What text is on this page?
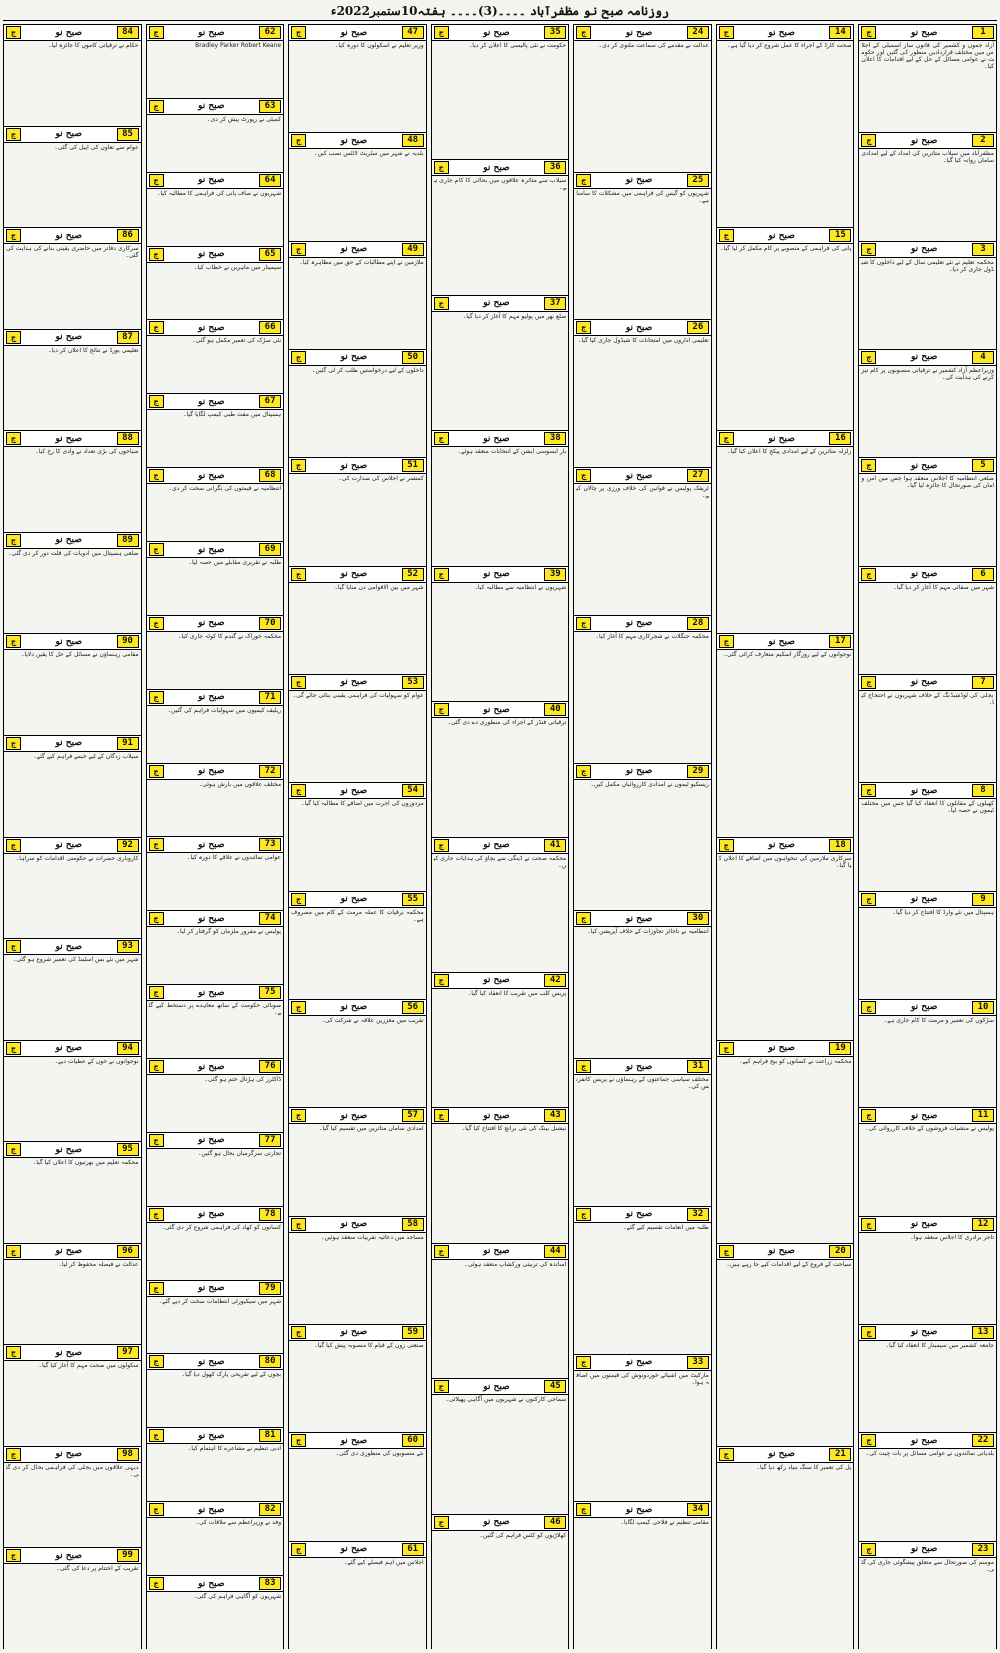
روزنامہ صبح نو مظفرآباد ۔۔۔۔(3)۔۔۔۔ ہفتہ10ستمبر2022ء
ج	صبح نو	1
آزاد جموں و کشمیر کی قانون ساز اسمبلی کے اجلاس میں مختلف قراردادیں منظور کی گئیں اور حکومت نے عوامی مسائل کے حل کے لیے اقدامات کا اعلان کیا۔
ج	صبح نو	2
مظفرآباد میں سیلاب متاثرین کی امداد کے لیے امدادی سامان روانہ کیا گیا۔
ج	صبح نو	3
محکمہ تعلیم نے نئے تعلیمی سال کے لیے داخلوں کا شیڈول جاری کر دیا۔
ج	صبح نو	4
وزیراعظم آزاد کشمیر نے ترقیاتی منصوبوں پر کام تیز کرنے کی ہدایت کی۔
ج	صبح نو	5
ضلعی انتظامیہ کا اجلاس منعقد ہوا جس میں امن و امان کی صورتحال کا جائزہ لیا گیا۔
ج	صبح نو	6
شہر میں صفائی مہم کا آغاز کر دیا گیا۔
ج	صبح نو	7
بجلی کی لوڈشیڈنگ کے خلاف شہریوں نے احتجاج کیا۔
ج	صبح نو	8
کھیلوں کے مقابلوں کا انعقاد کیا گیا جس میں مختلف ٹیموں نے حصہ لیا۔
ج	صبح نو	9
ہسپتال میں نئے وارڈ کا افتتاح کر دیا گیا۔
ج	صبح نو	10
سڑکوں کی تعمیر و مرمت کا کام جاری ہے۔
ج	صبح نو	11
پولیس نے منشیات فروشوں کے خلاف کارروائی کی۔
ج	صبح نو	12
تاجر برادری کا اجلاس منعقد ہوا۔
ج	صبح نو	13
جامعہ کشمیر میں سیمینار کا انعقاد کیا گیا۔
ج	صبح نو	22
بلدیاتی نمائندوں نے عوامی مسائل پر بات چیت کی۔
ج	صبح نو	23
موسم کی صورتحال سے متعلق پیشگوئی جاری کی گئی۔
ج	صبح نو	14
صحت کارڈ کے اجراء کا عمل شروع کر دیا گیا ہے۔
ج	صبح نو	15
پانی کی فراہمی کے منصوبے پر کام مکمل کر لیا گیا۔
ج	صبح نو	16
زلزلہ متاثرین کے لیے امدادی پیکج کا اعلان کیا گیا۔
ج	صبح نو	17
نوجوانوں کے لیے روزگار اسکیم متعارف کرائی گئی۔
ج	صبح نو	18
سرکاری ملازمین کی تنخواہوں میں اضافے کا اعلان کیا گیا۔
ج	صبح نو	19
محکمہ زراعت نے کسانوں کو بیج فراہم کیے۔
ج	صبح نو	20
سیاحت کے فروغ کے لیے اقدامات کیے جا رہے ہیں۔
ج	صبح نو	21
پل کی تعمیر کا سنگ بنیاد رکھ دیا گیا۔
ج	صبح نو	24
عدالت نے مقدمے کی سماعت ملتوی کر دی۔
ج	صبح نو	25
شہریوں کو گیس کی فراہمی میں مشکلات کا سامنا ہے۔
ج	صبح نو	26
تعلیمی اداروں میں امتحانات کا شیڈول جاری کیا گیا۔
ج	صبح نو	27
ٹریفک پولیس نے قوانین کی خلاف ورزی پر چالان کیے۔
ج	صبح نو	28
محکمہ جنگلات نے شجرکاری مہم کا آغاز کیا۔
ج	صبح نو	29
ریسکیو ٹیموں نے امدادی کارروائیاں مکمل کیں۔
ج	صبح نو	30
انتظامیہ نے ناجائز تجاوزات کے خلاف آپریشن کیا۔
ج	صبح نو	31
مختلف سیاسی جماعتوں کے رہنماؤں نے پریس کانفرنس کی۔
ج	صبح نو	32
طلبہ میں انعامات تقسیم کیے گئے۔
ج	صبح نو	33
مارکیٹ میں اشیائے خوردونوش کی قیمتوں میں اضافہ ہوا۔
ج	صبح نو	34
مقامی تنظیم نے فلاحی کیمپ لگایا۔
ج	صبح نو	35
حکومت نے نئی پالیسی کا اعلان کر دیا۔
ج	صبح نو	36
سیلاب سے متاثرہ علاقوں میں بحالی کا کام جاری ہے۔
ج	صبح نو	37
ضلع بھر میں پولیو مہم کا آغاز کر دیا گیا۔
ج	صبح نو	38
بار ایسوسی ایشن کے انتخابات منعقد ہوئے۔
ج	صبح نو	39
شہریوں نے انتظامیہ سے مطالبہ کیا۔
ج	صبح نو	40
ترقیاتی فنڈز کے اجراء کی منظوری دے دی گئی۔
ج	صبح نو	41
محکمہ صحت نے ڈینگی سے بچاؤ کی ہدایات جاری کیں۔
ج	صبح نو	42
پریس کلب میں تقریب کا انعقاد کیا گیا۔
ج	صبح نو	43
نیشنل بینک کی نئی برانچ کا افتتاح کیا گیا۔
ج	صبح نو	44
اساتذہ کی تربیتی ورکشاپ منعقد ہوئی۔
ج	صبح نو	45
سماجی کارکنوں نے شہریوں میں آگاہی پھیلائی۔
ج	صبح نو	46
کھلاڑیوں کو کٹس فراہم کی گئیں۔
ج	صبح نو	47
وزیر تعلیم نے اسکولوں کا دورہ کیا۔
ج	صبح نو	48
بلدیہ نے شہر میں سٹریٹ لائٹس نصب کیں۔
ج	صبح نو	49
ملازمین نے اپنے مطالبات کے حق میں مظاہرہ کیا۔
ج	صبح نو	50
داخلوں کے لیے درخواستیں طلب کر لی گئیں۔
ج	صبح نو	51
کمشنر نے اجلاس کی صدارت کی۔
ج	صبح نو	52
شہر میں بین الاقوامی دن منایا گیا۔
ج	صبح نو	53
عوام کو سہولیات کی فراہمی یقینی بنائی جائے گی۔
ج	صبح نو	54
مزدوروں کی اجرت میں اضافے کا مطالبہ کیا گیا۔
ج	صبح نو	55
محکمہ برقیات کا عملہ مرمت کے کام میں مصروف ہے۔
ج	صبح نو	56
تقریب میں معززین علاقہ نے شرکت کی۔
ج	صبح نو	57
امدادی سامان متاثرین میں تقسیم کیا گیا۔
ج	صبح نو	58
مساجد میں دعائیہ تقریبات منعقد ہوئیں۔
ج	صبح نو	59
صنعتی زون کے قیام کا منصوبہ پیش کیا گیا۔
ج	صبح نو	60
نئے منصوبوں کی منظوری دی گئی۔
ج	صبح نو	61
اجلاس میں اہم فیصلے کیے گئے۔
ج	صبح نو	62
Bradley Parker Robert Keane
ج	صبح نو	63
کمیٹی نے رپورٹ پیش کر دی۔
ج	صبح نو	64
شہریوں نے صاف پانی کی فراہمی کا مطالبہ کیا۔
ج	صبح نو	65
سیمینار میں ماہرین نے خطاب کیا۔
ج	صبح نو	66
نئی سڑک کی تعمیر مکمل ہو گئی۔
ج	صبح نو	67
ہسپتال میں مفت طبی کیمپ لگایا گیا۔
ج	صبح نو	68
انتظامیہ نے قیمتوں کی نگرانی سخت کر دی۔
ج	صبح نو	69
طلبہ نے تقریری مقابلے میں حصہ لیا۔
ج	صبح نو	70
محکمہ خوراک نے گندم کا کوٹہ جاری کیا۔
ج	صبح نو	71
ریلیف کیمپوں میں سہولیات فراہم کی گئیں۔
ج	صبح نو	72
مختلف علاقوں میں بارش ہوئی۔
ج	صبح نو	73
عوامی نمائندوں نے علاقے کا دورہ کیا۔
ج	صبح نو	74
پولیس نے مفرور ملزمان کو گرفتار کر لیا۔
ج	صبح نو	75
صوبائی حکومت کے ساتھ معاہدے پر دستخط کیے گئے۔
ج	صبح نو	76
ڈاکٹرز کی ہڑتال ختم ہو گئی۔
ج	صبح نو	77
تجارتی سرگرمیاں بحال ہو گئیں۔
ج	صبح نو	78
کسانوں کو کھاد کی فراہمی شروع کر دی گئی۔
ج	صبح نو	79
شہر میں سیکیورٹی انتظامات سخت کر دیے گئے۔
ج	صبح نو	80
بچوں کے لیے تفریحی پارک کھول دیا گیا۔
ج	صبح نو	81
ادبی تنظیم نے مشاعرے کا اہتمام کیا۔
ج	صبح نو	82
وفد نے وزیراعظم سے ملاقات کی۔
ج	صبح نو	83
شہریوں کو آگاہی فراہم کی گئی۔
ج	صبح نو	84
حکام نے ترقیاتی کاموں کا جائزہ لیا۔
ج	صبح نو	85
عوام سے تعاون کی اپیل کی گئی۔
ج	صبح نو	86
سرکاری دفاتر میں حاضری یقینی بنانے کی ہدایت کی گئی۔
ج	صبح نو	87
تعلیمی بورڈ نے نتائج کا اعلان کر دیا۔
ج	صبح نو	88
سیاحوں کی بڑی تعداد نے وادی کا رخ کیا۔
ج	صبح نو	89
ضلعی ہسپتال میں ادویات کی قلت دور کر دی گئی۔
ج	صبح نو	90
مقامی رہنماؤں نے مسائل کے حل کا یقین دلایا۔
ج	صبح نو	91
سیلاب زدگان کے لیے خیمے فراہم کیے گئے۔
ج	صبح نو	92
کاروباری حضرات نے حکومتی اقدامات کو سراہا۔
ج	صبح نو	93
شہر میں نئے بس اسٹینڈ کی تعمیر شروع ہو گئی۔
ج	صبح نو	94
نوجوانوں نے خون کے عطیات دیے۔
ج	صبح نو	95
محکمہ تعلیم میں بھرتیوں کا اعلان کیا گیا۔
ج	صبح نو	96
عدالت نے فیصلہ محفوظ کر لیا۔
ج	صبح نو	97
سکولوں میں صحت مہم کا آغاز کیا گیا۔
ج	صبح نو	98
دیہی علاقوں میں بجلی کی فراہمی بحال کر دی گئی۔
ج	صبح نو	99
تقریب کے اختتام پر دعا کی گئی۔
